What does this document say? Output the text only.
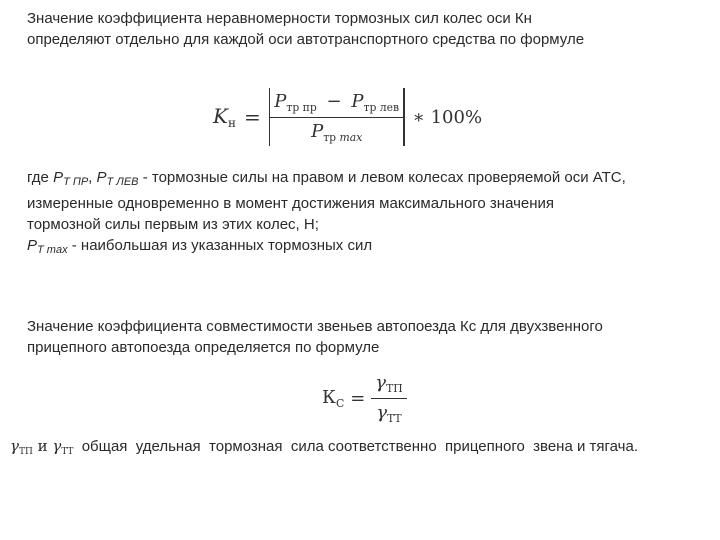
Значение коэффициента неравномерности тормозных сил колес оси Кн
определяют отдельно для каждой оси автотранспортного средства по формуле
$K_н = \frac{P_{тр пр} - P_{тр лев}}{P_{тр max}}$ ∗ 100%
где $P_{Т ПР}$, $P_{Т ЛЕВ}$ - тормозные силы на правом и левом колесах проверяемой оси АТС,
измеренные одновременно в момент достижения максимального значения
тормозной силы первым из этих колес, Н;
$P_{Т max}$ - наибольшая из указанных тормозных сил
Значение коэффициента совместимости звеньев автопоезда Кс для двухзвенного
прицепного автопоезда определяется по формуле
$К_С = \frac{\gamma_{ТП}}{\gamma_{ТТ}}$
$\gamma_{ТП}$ и $\gamma_{ТТ}$  общая  удельная  тормозная  сила соответственно  прицепного  звена и тягача.
